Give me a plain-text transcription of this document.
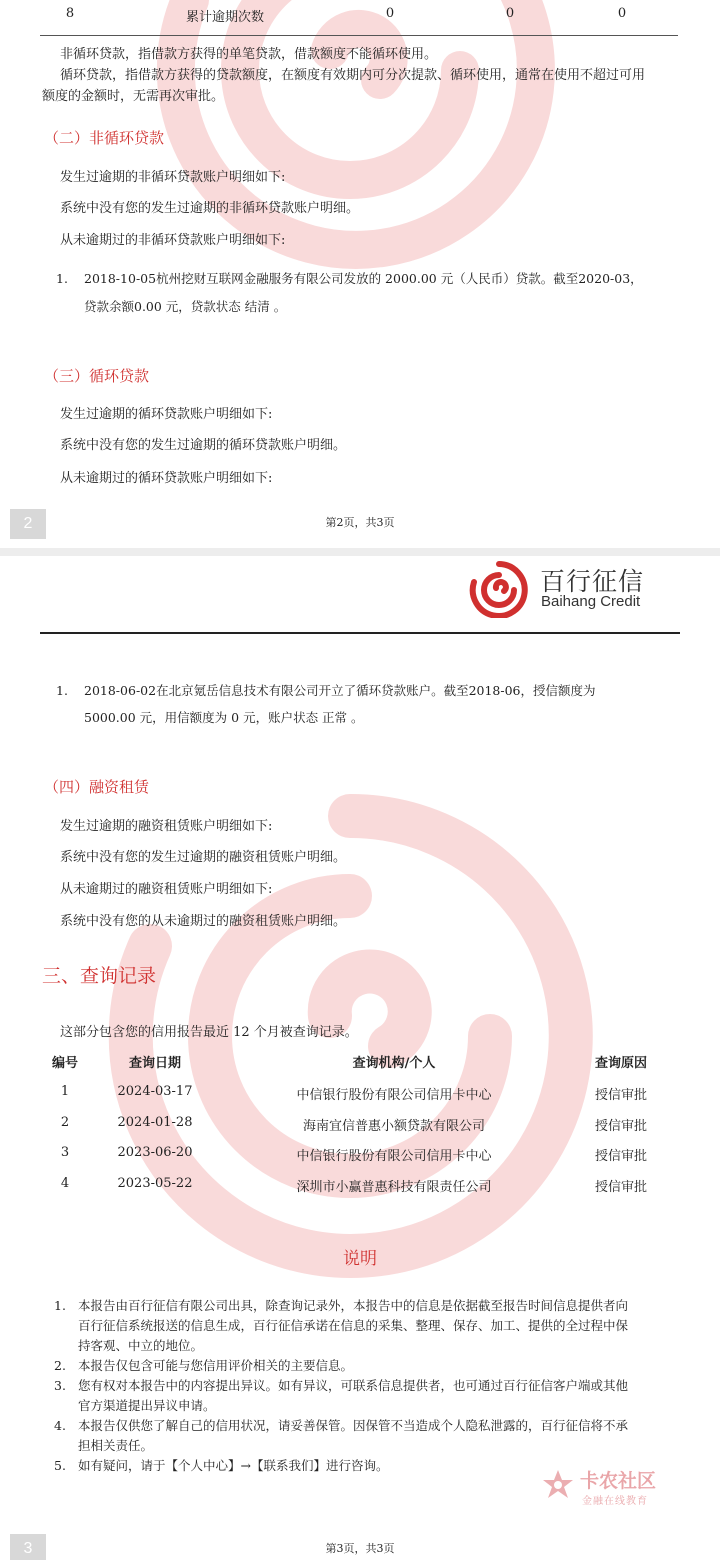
8	累计逾期次数	0	0	0
非循环贷款，指借款方获得的单笔贷款，借款额度不能循环使用。
循环贷款，指借款方获得的贷款额度，在额度有效期内可分次提款、循环使用，通常在使用不超过可用
额度的金额时，无需再次审批。
（二）非循环贷款
发生过逾期的非循环贷款账户明细如下:
系统中没有您的发生过逾期的非循环贷款账户明细。
从未逾期过的非循环贷款账户明细如下:
1. 2018-10-05杭州挖财互联网金融服务有限公司发放的 2000.00 元（人民币）贷款。截至2020-03，
贷款余额0.00 元，贷款状态 结清 。
（三）循环贷款
发生过逾期的循环贷款账户明细如下:
系统中没有您的发生过逾期的循环贷款账户明细。
从未逾期过的循环贷款账户明细如下:
2	第2页，共3页
百行征信
Baihang Credit
1. 2018-06-02在北京氪岳信息技术有限公司开立了循环贷款账户。截至2018-06，授信额度为
5000.00 元，用信额度为 0 元，账户状态 正常 。
（四）融资租赁
发生过逾期的融资租赁账户明细如下:
系统中没有您的发生过逾期的融资租赁账户明细。
从未逾期过的融资租赁账户明细如下:
系统中没有您的从未逾期过的融资租赁账户明细。
三、查询记录
这部分包含您的信用报告最近 12 个月被查询记录。
编号	查询日期	查询机构/个人	查询原因
1	2024-03-17	中信银行股份有限公司信用卡中心	授信审批
2	2024-01-28	海南宜信普惠小额贷款有限公司	授信审批
3	2023-06-20	中信银行股份有限公司信用卡中心	授信审批
4	2023-05-22	深圳市小赢普惠科技有限责任公司	授信审批
说明
1. 本报告由百行征信有限公司出具，除查询记录外，本报告中的信息是依据截至报告时间信息提供者向
百行征信系统报送的信息生成，百行征信承诺在信息的采集、整理、保存、加工、提供的全过程中保
持客观、中立的地位。
2. 本报告仅包含可能与您信用评价相关的主要信息。
3. 您有权对本报告中的内容提出异议。如有异议，可联系信息提供者，也可通过百行征信客户端或其他
官方渠道提出异议申请。
4. 本报告仅供您了解自己的信用状况，请妥善保管。因保管不当造成个人隐私泄露的，百行征信将不承
担相关责任。
5. 如有疑问，请于【个人中心】→【联系我们】进行咨询。
卡农社区
金融在线教育
3	第3页，共3页
